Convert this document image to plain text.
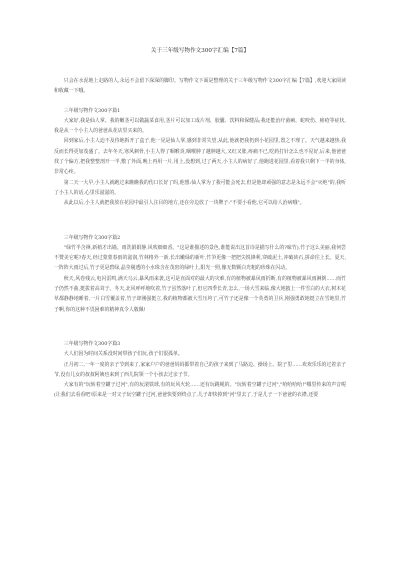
关于三年级写物作文300字汇编【7篇】

只会在水泥地上走路的人,永远不会留下深深的脚印。写物作文下面是整理的关于三年级写物作文300字汇编【7篇】,欢迎大家阅读和收藏一下哦。

三年级写物作文300字篇1

大家好,我是仙人掌。我的嫩茎可以做蔬菜食用,茎片可以加工成片剂、胶囊、饮料和保健品;我还能治疗菌痢、蛇咬伤、痈疮等症状,我是从一个小主人的爸爸从花店里买来的。

回到家后,小主人迫不及待地拆开了盒子,他一见是仙人掌,感到非常失望,从此,他就把我扔到小花园里,置之不理了。天气越来越热,我反而长得更加茂盛了。去年冬天,寒风刺骨,小主人得了咽喉炎,咽喉肿了越肿越大,又红又胀,疼痛不已,吃药打针怎么也不见好,后来,他爸爸找了个偏方,把我整整剖开一半,敷了外面,晚上再用一片,用上,没想到,过了两天,小主人的病好了,他跑进花园里,看着我只剩下一半的身体,非常心疼。

第二天一大早,小主人就跑过来瞧瞧我的伤口长好了吗,他想:仙人掌为了我可能会死去,但是他却顽强的意志是永远不会"灭绝"的,我听了小主人的话,心里乐滋滋的。

从此以后,小主人就把我放在花园中最引人注目的地方,还在旁边放了一块牌子:"不要小看他,它可以给人治病哦"。

三年级写物作文300字篇2

"绿竹半含箨,新梢才出墙。雨洗娟娟静,风吹细细香。"这是谁描述的景色,谁能说出这首诗是描写什么的?味竹),竹子这么美丽,我何尝不赞美它呢?春天,经过蒙蒙春雨的滋润,竹林格外一新,长出嫩绿的新叶,竹笋更像一把把尖锐锋利,穿破泥土,冲破砖石,拼命往上长。夏天,一阵阵大雨过后,竹子更是碧绿,晶莹剔透的小水珠含在茂密的绿叶上,阳光一照,像无数颗白光粗的珍珠在闪动。

秋天,风卷残云,电闪雷鸣,满天乌云,暴风雨来袭,这可是直面对的最大的灾难,有的植物被暴风雨折断,有的植物被暴风雨淋倒……而竹子仍然不曲,挺拔着高耸于。冬天,北风呼呼地吹着,竹子虽然落叶了,但它四季长青,怎么,一场大雪来临,像大地披上一件雪白的大衣,树木花草都静静地睡着,一片白雪覆盖着,竹子却刚强挺立,我的植物都被大雪压垮了,可竹子还是像一个英勇的卫兵,刚强勇敢地挺立在雪地里,竹子啊,你的这种不畏困难的精神真令人敬佩!

三年级写物作文300字篇3

大人们因为时间关系没时间带孩子们玩,孩子们很孤单。

正月初二,一年一度的亲子节到来了,家家户户的爸爸妈妈都带着自己的孩子来到了马路边、操场上、院子里……欢欢乐乐的过着亲子节,没有儿女的叔叔阿姨也来到了西儿院领一个小孩去过亲子节。

大家有的"玩转着空罐子过河",有的玩滚铁球,有的玩风火轮……还有玩跳绳的。"玩转着空罐子过河","哈哈哈哈!"哪里传来的声音呢(让我们去看看吧!原来是一对父子玩空罐子过河,爸爸快要到终点了,儿子却快掉到"河"里去了,于是儿子一下爸爸的衣襟,还要
